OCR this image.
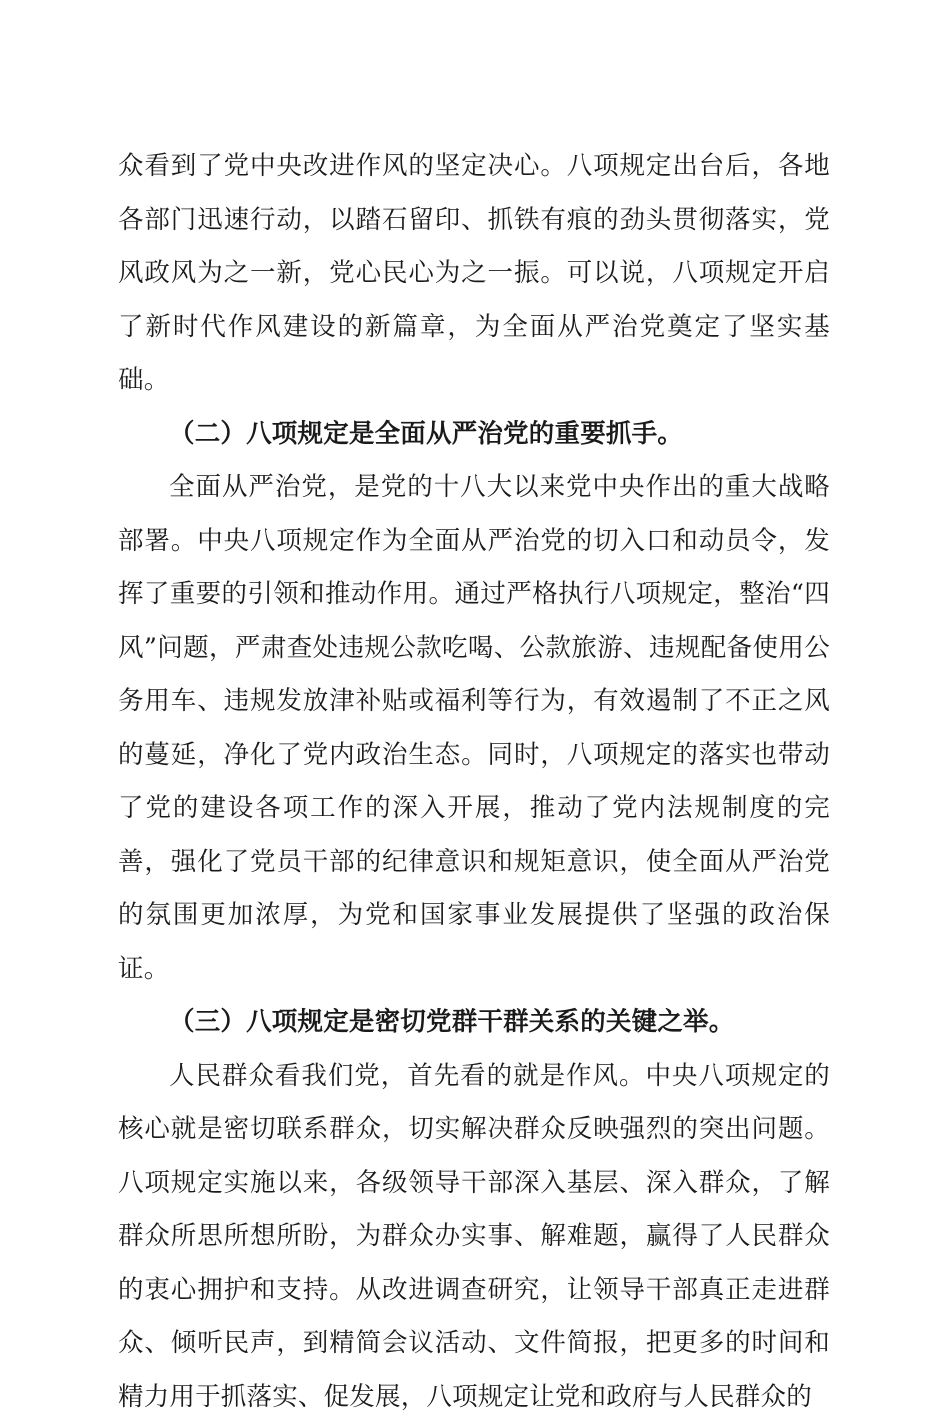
众看到了党中央改进作风的坚定决心。八项规定出台后，各地各部门迅速行动，以踏石留印、抓铁有痕的劲头贯彻落实，党风政风为之一新，党心民心为之一振。可以说，八项规定开启了新时代作风建设的新篇章，为全面从严治党奠定了坚实基础。

（二）八项规定是全面从严治党的重要抓手。

全面从严治党，是党的十八大以来党中央作出的重大战略部署。中央八项规定作为全面从严治党的切入口和动员令，发挥了重要的引领和推动作用。通过严格执行八项规定，整治“四风”问题，严肃查处违规公款吃喝、公款旅游、违规配备使用公务用车、违规发放津补贴或福利等行为，有效遏制了不正之风的蔓延，净化了党内政治生态。同时，八项规定的落实也带动了党的建设各项工作的深入开展，推动了党内法规制度的完善，强化了党员干部的纪律意识和规矩意识，使全面从严治党的氛围更加浓厚，为党和国家事业发展提供了坚强的政治保证。

（三）八项规定是密切党群干群关系的关键之举。

人民群众看我们党，首先看的就是作风。中央八项规定的核心就是密切联系群众，切实解决群众反映强烈的突出问题。八项规定实施以来，各级领导干部深入基层、深入群众，了解群众所思所想所盼，为群众办实事、解难题，赢得了人民群众的衷心拥护和支持。从改进调查研究，让领导干部真正走进群众、倾听民声，到精简会议活动、文件简报，把更多的时间和精力用于抓落实、促发展，八项规定让党和政府与人民群众的
